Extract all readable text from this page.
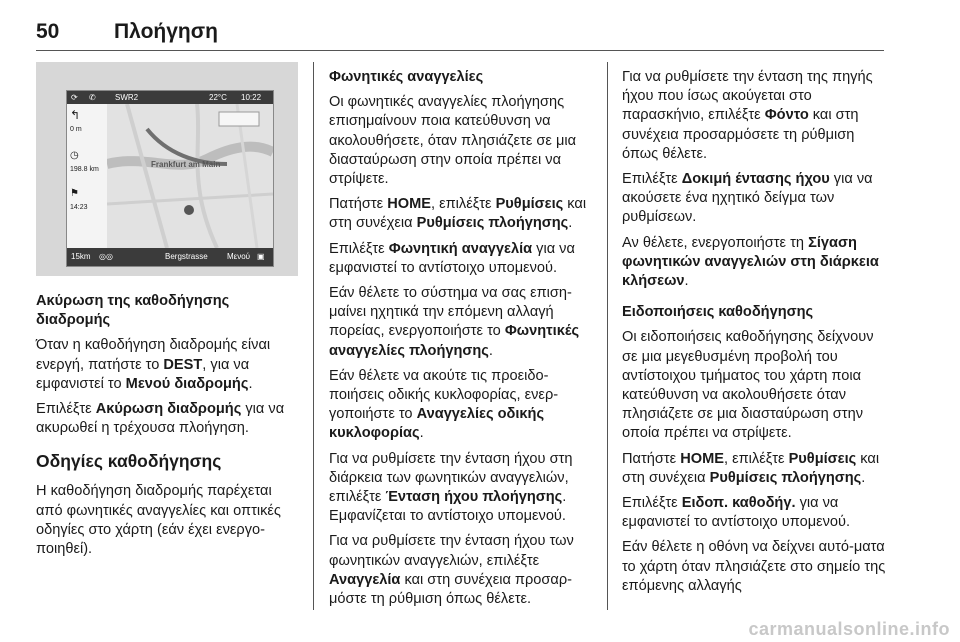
50	Πλοήγηση
⟳ ✆ SWR2	22°C 10:22
↰
0 m
◷
198.8 km
⚑
14:23
Frankfurt am Main
15km ◎◎	Bergstrasse Μενού ▣

Ακύρωση της καθοδήγησης διαδρομής

Όταν η καθοδήγηση διαδρομής είναι ενεργή, πατήστε το DEST, για να εμφανιστεί το Μενού διαδρομής.

Επιλέξτε Ακύρωση διαδρομής για να ακυρωθεί η τρέχουσα πλοήγηση.

Οδηγίες καθοδήγησης

Η καθοδήγηση διαδρομής παρέχεται από φωνητικές αναγγελίες και οπτικές οδηγίες στο χάρτη (εάν έχει ενεργο-ποιηθεί).

Φωνητικές αναγγελίες

Οι φωνητικές αναγγελίες πλοήγησης επισημαίνουν ποια κατεύθυνση να ακολουθήσετε, όταν πλησιάζετε σε μια διασταύρωση στην οποία πρέπει να στρίψετε.

Πατήστε HOME, επιλέξτε Ρυθμίσεις και στη συνέχεια Ρυθμίσεις πλοήγησης.

Επιλέξτε Φωνητική αναγγελία για να εμφανιστεί το αντίστοιχο υπομενού.

Εάν θέλετε το σύστημα να σας επιση-μαίνει ηχητικά την επόμενη αλλαγή πορείας, ενεργοποιήστε το Φωνητικές αναγγελίες πλοήγησης.

Εάν θέλετε να ακούτε τις προειδο-ποιήσεις οδικής κυκλοφορίας, ενερ-γοποιήστε το Αναγγελίες οδικής κυκλοφορίας.

Για να ρυθμίσετε την ένταση ήχου στη διάρκεια των φωνητικών αναγγελιών, επιλέξτε Ένταση ήχου πλοήγησης. Εμφανίζεται το αντίστοιχο υπομενού.

Για να ρυθμίσετε την ένταση ήχου των φωνητικών αναγγελιών, επιλέξτε Αναγγελία και στη συνέχεια προσαρ-μόστε τη ρύθμιση όπως θέλετε.

Για να ρυθμίσετε την ένταση της πηγής ήχου που ίσως ακούγεται στο παρασκήνιο, επιλέξτε Φόντο και στη συνέχεια προσαρμόσετε τη ρύθμιση όπως θέλετε.

Επιλέξτε Δοκιμή έντασης ήχου για να ακούσετε ένα ηχητικό δείγμα των ρυθμίσεων.

Αν θέλετε, ενεργοποιήστε τη Σίγαση φωνητικών αναγγελιών στη διάρκεια κλήσεων.

Ειδοποιήσεις καθοδήγησης

Οι ειδοποιήσεις καθοδήγησης δείχνουν σε μια μεγεθυσμένη προβολή του αντίστοιχου τμήματος του χάρτη ποια κατεύθυνση να ακολουθήσετε όταν πλησιάζετε σε μια διασταύρωση στην οποία πρέπει να στρίψετε.

Πατήστε HOME, επιλέξτε Ρυθμίσεις και στη συνέχεια Ρυθμίσεις πλοήγησης.

Επιλέξτε Ειδοπ. καθοδήγ. για να εμφανιστεί το αντίστοιχο υπομενού.

Εάν θέλετε η οθόνη να δείχνει αυτό-ματα το χάρτη όταν πλησιάζετε στο σημείο της επόμενης αλλαγής

carmanualsonline.info
